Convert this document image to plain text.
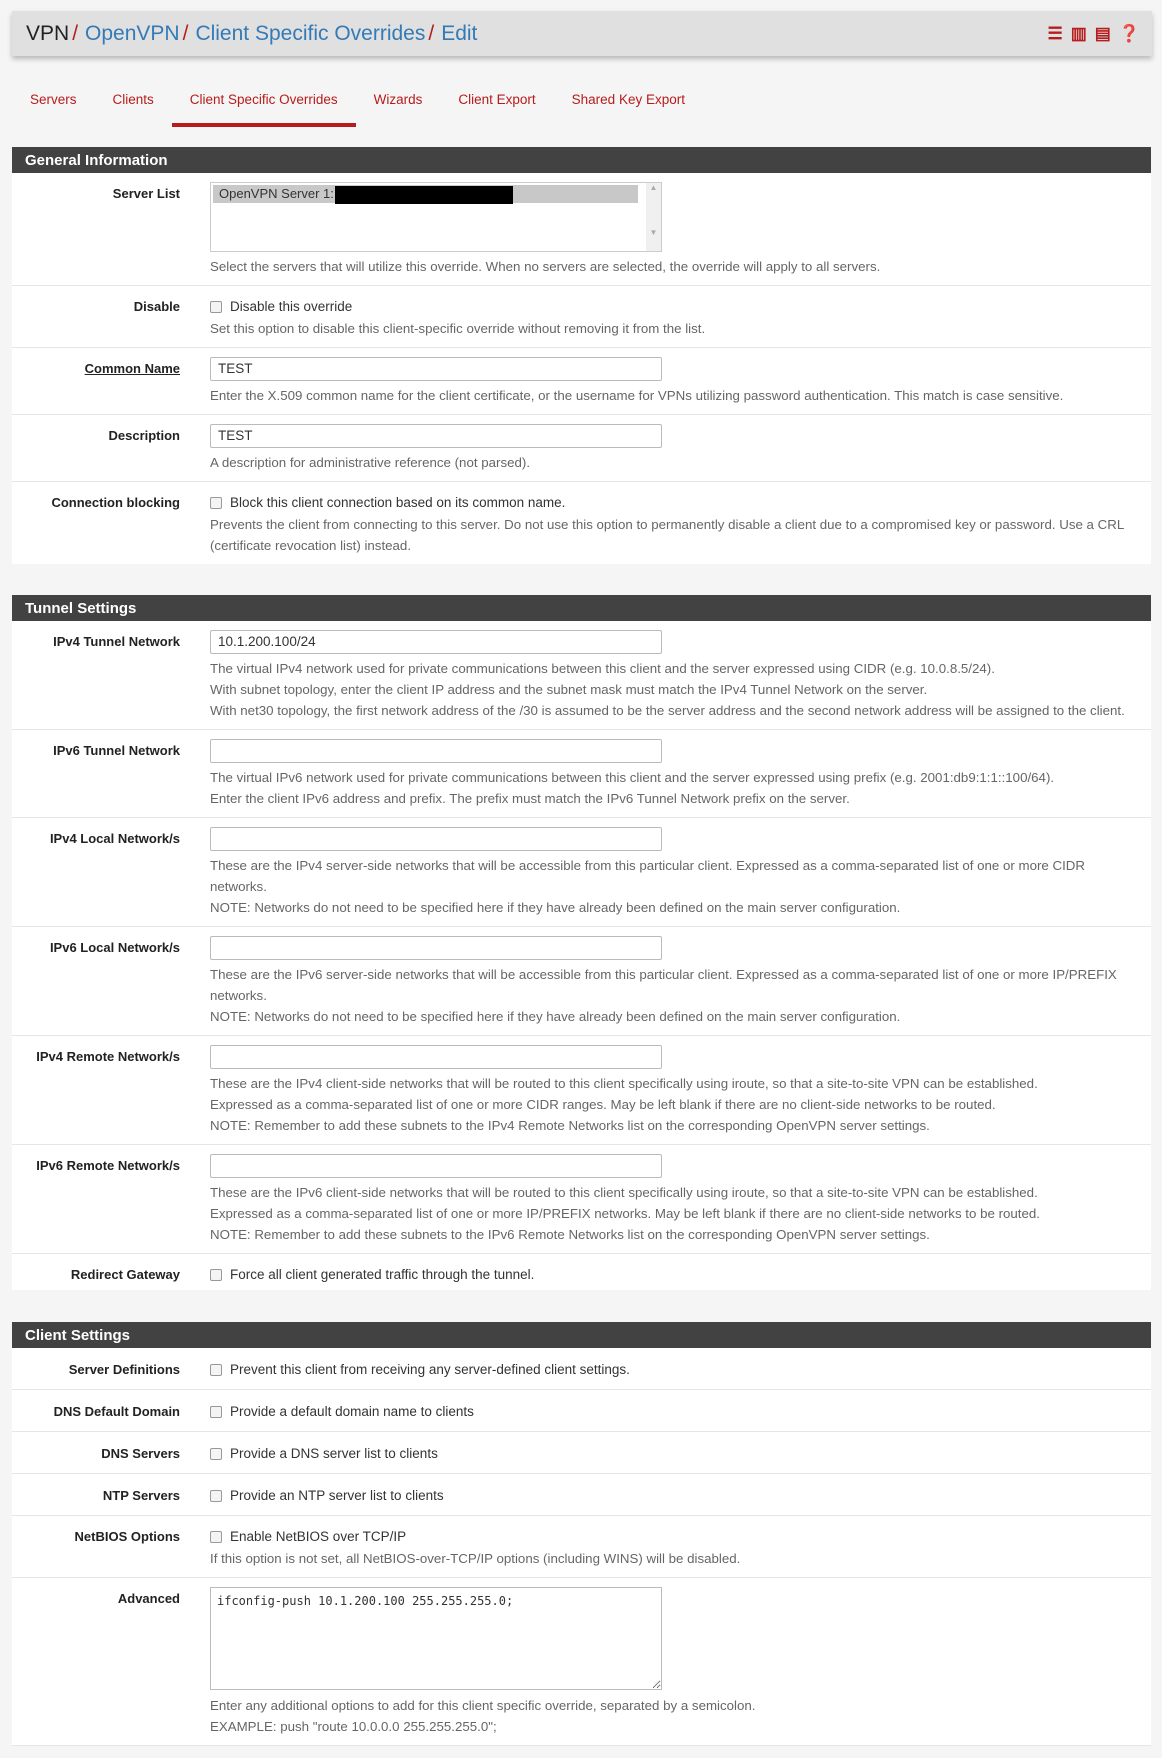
VPN / OpenVPN / Client Specific Overrides / Edit	☰ ▥ ▤ ❓
Servers	Clients	Client Specific Overrides	Wizards	Client Export	Shared Key Export
General Information
Server List	OpenVPN Server 1:	▲

▼
Select the servers that will utilize this override. When no servers are selected, the override will apply to all servers.
Disable	Disable this override
Set this option to disable this client-specific override without removing it from the list.
Common Name	TEST
Enter the X.509 common name for the client certificate, or the username for VPNs utilizing password authentication. This match is case sensitive.
Description	TEST
A description for administrative reference (not parsed).
Connection blocking	Block this client connection based on its common name.
Prevents the client from connecting to this server. Do not use this option to permanently disable a client due to a compromised key or password. Use a CRL (certificate revocation list) instead.
Tunnel Settings
IPv4 Tunnel Network	10.1.200.100/24
The virtual IPv4 network used for private communications between this client and the server expressed using CIDR (e.g. 10.0.8.5/24).
With subnet topology, enter the client IP address and the subnet mask must match the IPv4 Tunnel Network on the server.
With net30 topology, the first network address of the /30 is assumed to be the server address and the second network address will be assigned to the client.
IPv6 Tunnel Network
The virtual IPv6 network used for private communications between this client and the server expressed using prefix (e.g. 2001:db9:1:1::100/64).
Enter the client IPv6 address and prefix. The prefix must match the IPv6 Tunnel Network prefix on the server.
IPv4 Local Network/s
These are the IPv4 server-side networks that will be accessible from this particular client. Expressed as a comma-separated list of one or more CIDR networks.
NOTE: Networks do not need to be specified here if they have already been defined on the main server configuration.
IPv6 Local Network/s
These are the IPv6 server-side networks that will be accessible from this particular client. Expressed as a comma-separated list of one or more IP/PREFIX networks.
NOTE: Networks do not need to be specified here if they have already been defined on the main server configuration.
IPv4 Remote Network/s
These are the IPv4 client-side networks that will be routed to this client specifically using iroute, so that a site-to-site VPN can be established.
Expressed as a comma-separated list of one or more CIDR ranges. May be left blank if there are no client-side networks to be routed.
NOTE: Remember to add these subnets to the IPv4 Remote Networks list on the corresponding OpenVPN server settings.
IPv6 Remote Network/s
These are the IPv6 client-side networks that will be routed to this client specifically using iroute, so that a site-to-site VPN can be established.
Expressed as a comma-separated list of one or more IP/PREFIX networks. May be left blank if there are no client-side networks to be routed.
NOTE: Remember to add these subnets to the IPv6 Remote Networks list on the corresponding OpenVPN server settings.
Redirect Gateway	Force all client generated traffic through the tunnel.
Client Settings
Server Definitions	Prevent this client from receiving any server-defined client settings.
DNS Default Domain	Provide a default domain name to clients
DNS Servers	Provide a DNS server list to clients
NTP Servers	Provide an NTP server list to clients
NetBIOS Options	Enable NetBIOS over TCP/IP
If this option is not set, all NetBIOS-over-TCP/IP options (including WINS) will be disabled.
Advanced
ifconfig-push 10.1.200.100 255.255.255.0;
Enter any additional options to add for this client specific override, separated by a semicolon.
EXAMPLE: push "route 10.0.0.0 255.255.255.0";
